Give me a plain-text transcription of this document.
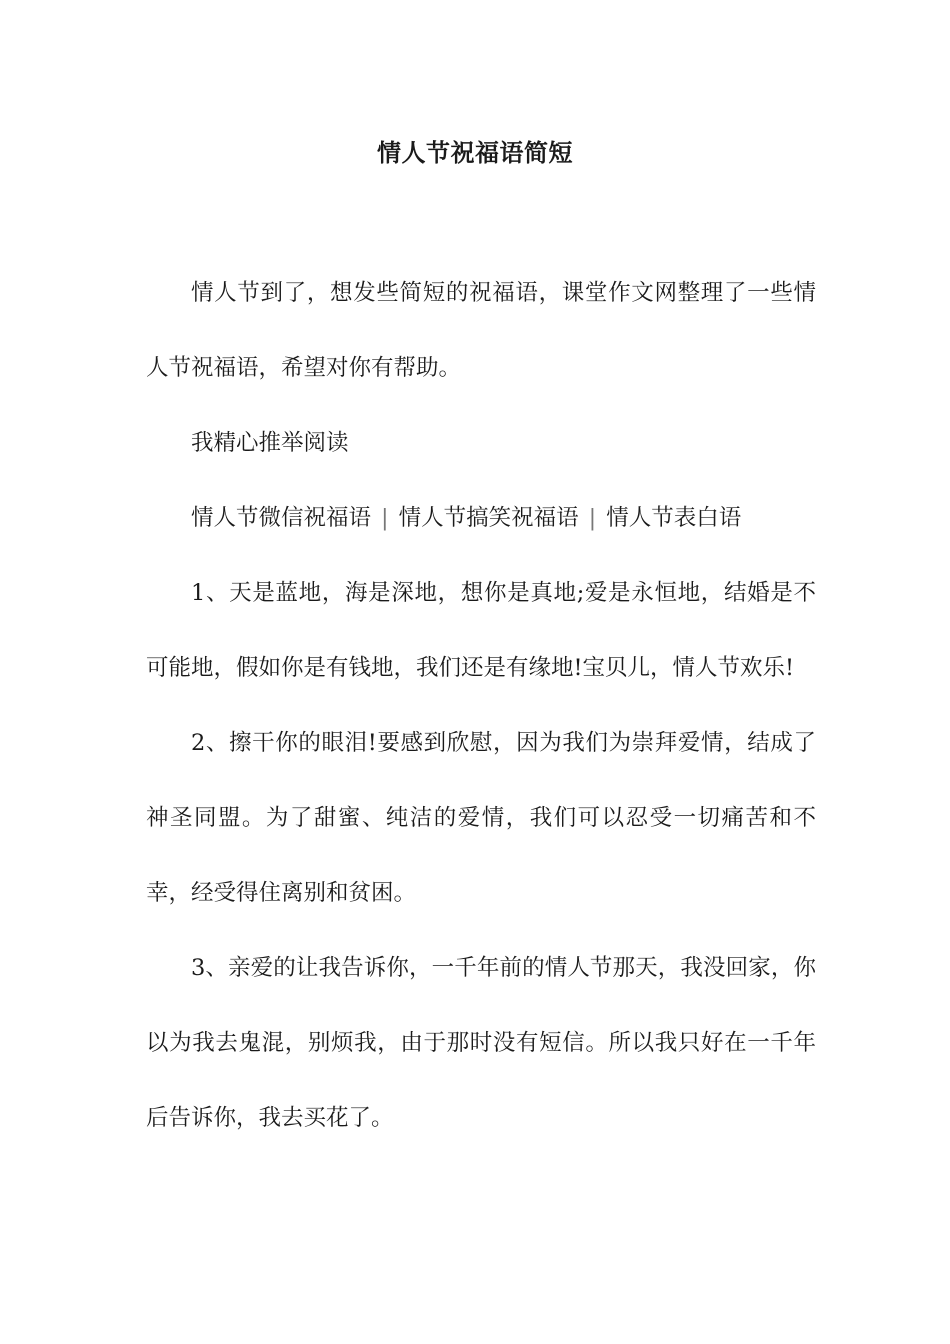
情人节祝福语简短

情人节到了，想发些简短的祝福语，课堂作文网整理了一些情人节祝福语，希望对你有帮助。

我精心推举阅读

情人节微信祝福语 | 情人节搞笑祝福语 | 情人节表白语

1、天是蓝地，海是深地，想你是真地;爱是永恒地，结婚是不可能地，假如你是有钱地，我们还是有缘地!宝贝儿，情人节欢乐!

2、擦干你的眼泪!要感到欣慰，因为我们为崇拜爱情，结成了神圣同盟。为了甜蜜、纯洁的爱情，我们可以忍受一切痛苦和不幸，经受得住离别和贫困。

3、亲爱的让我告诉你，一千年前的情人节那天，我没回家，你以为我去鬼混，别烦我，由于那时没有短信。所以我只好在一千年后告诉你，我去买花了。
